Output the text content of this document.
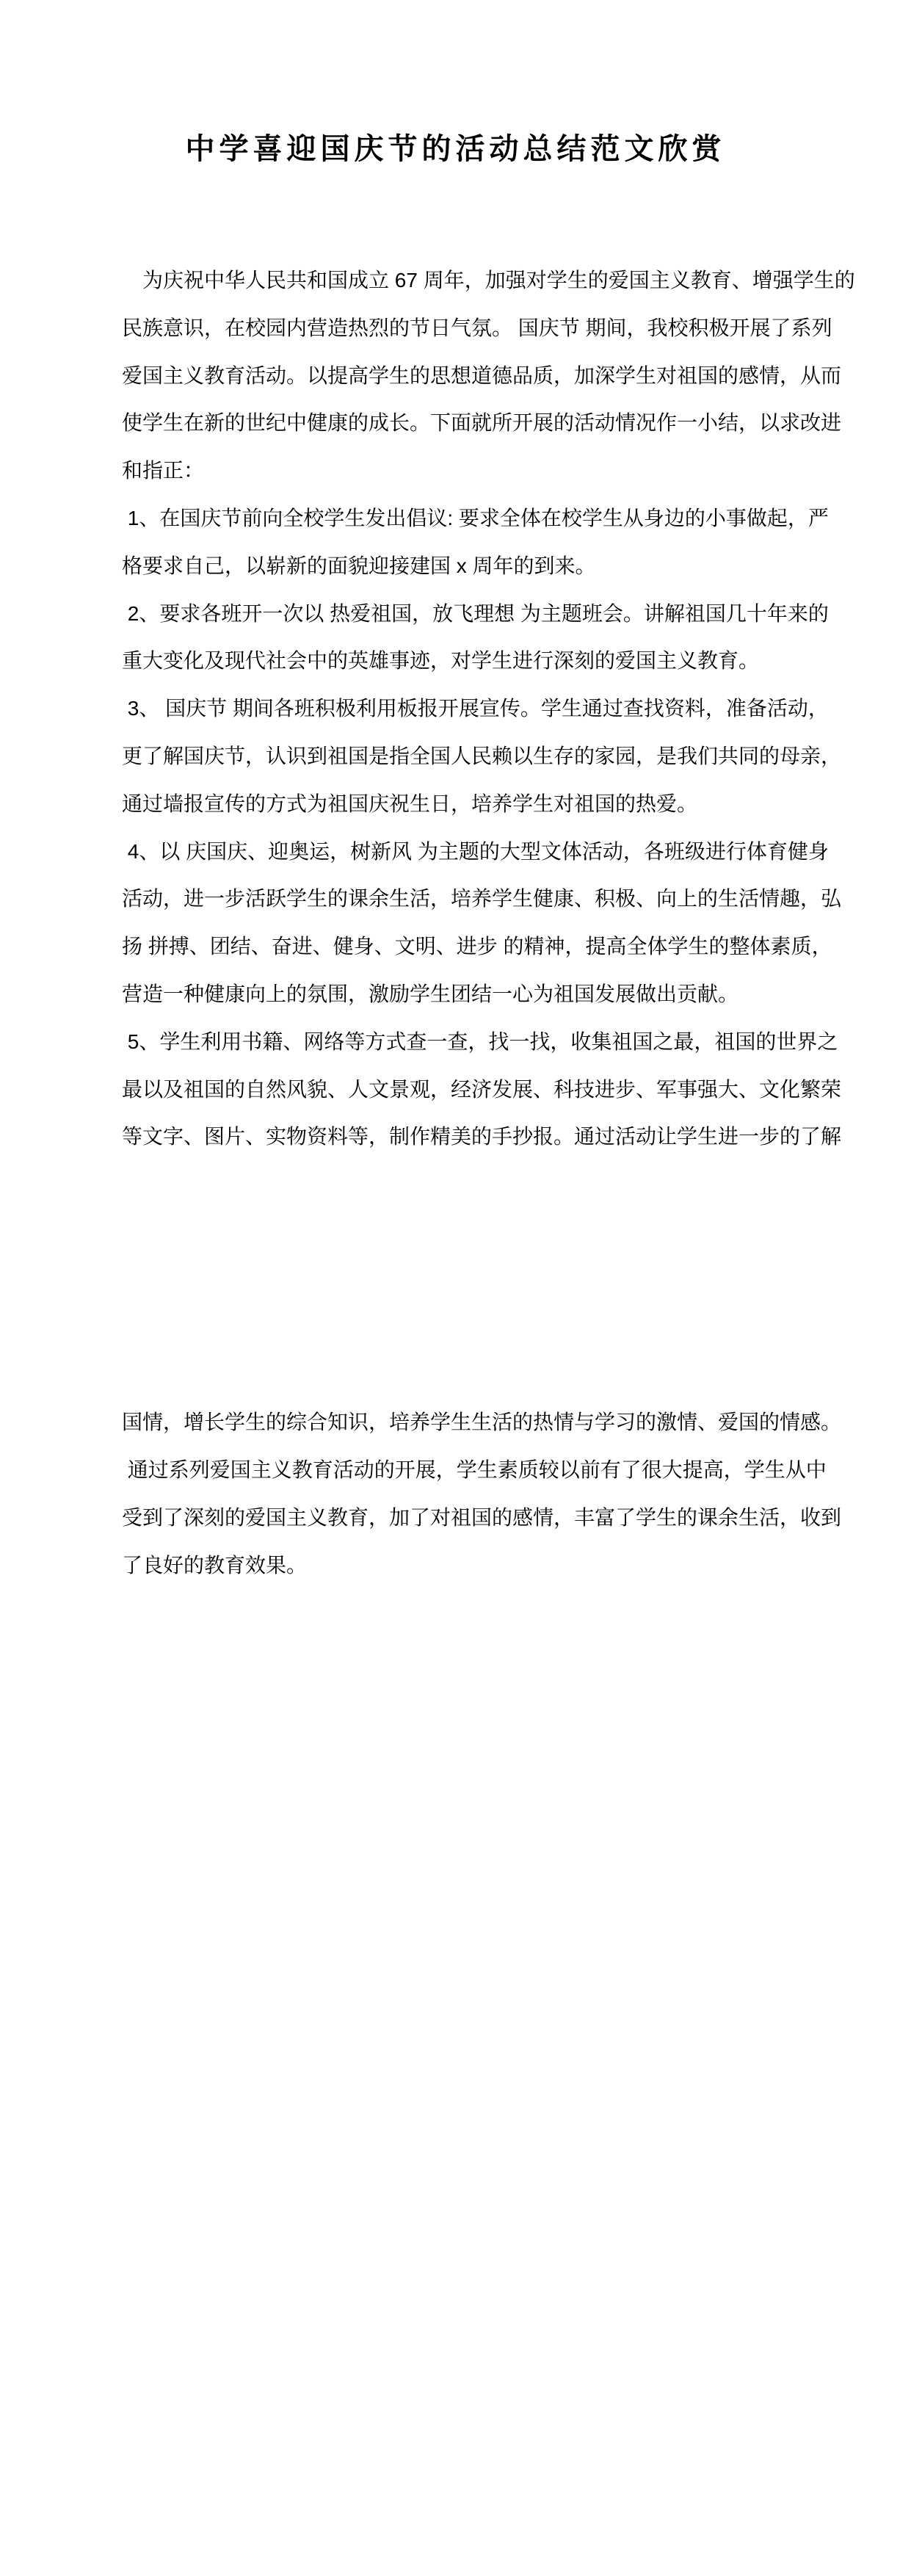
中学喜迎国庆节的活动总结范文欣赏
　为庆祝中华人民共和国成立 67 周年，加强对学生的爱国主义教育、增强学生的
民族意识，在校园内营造热烈的节日气氛。 国庆节 期间，我校积极开展了系列
爱国主义教育活动。以提高学生的思想道德品质，加深学生对祖国的感情，从而
使学生在新的世纪中健康的成长。下面就所开展的活动情况作一小结，以求改进
和指正：
1、在国庆节前向全校学生发出倡议: 要求全体在校学生从身边的小事做起，严
格要求自己，以崭新的面貌迎接建国 x 周年的到来。
2、要求各班开一次以 热爱祖国，放飞理想 为主题班会。讲解祖国几十年来的
重大变化及现代社会中的英雄事迹，对学生进行深刻的爱国主义教育。
3、 国庆节 期间各班积极利用板报开展宣传。学生通过查找资料，准备活动，
更了解国庆节，认识到祖国是指全国人民赖以生存的家园，是我们共同的母亲，
通过墙报宣传的方式为祖国庆祝生日，培养学生对祖国的热爱。
4、以 庆国庆、迎奥运，树新风 为主题的大型文体活动，各班级进行体育健身
活动，进一步活跃学生的课余生活，培养学生健康、积极、向上的生活情趣，弘
扬 拼搏、团结、奋进、健身、文明、进步 的精神，提高全体学生的整体素质，
营造一种健康向上的氛围，激励学生团结一心为祖国发展做出贡献。
5、学生利用书籍、网络等方式查一查，找一找，收集祖国之最，祖国的世界之
最以及祖国的自然风貌、人文景观，经济发展、科技进步、军事强大、文化繁荣
等文字、图片、实物资料等，制作精美的手抄报。通过活动让学生进一步的了解
国情，增长学生的综合知识，培养学生生活的热情与学习的激情、爱国的情感。
通过系列爱国主义教育活动的开展，学生素质较以前有了很大提高，学生从中
受到了深刻的爱国主义教育，加了对祖国的感情，丰富了学生的课余生活，收到
了良好的教育效果。
